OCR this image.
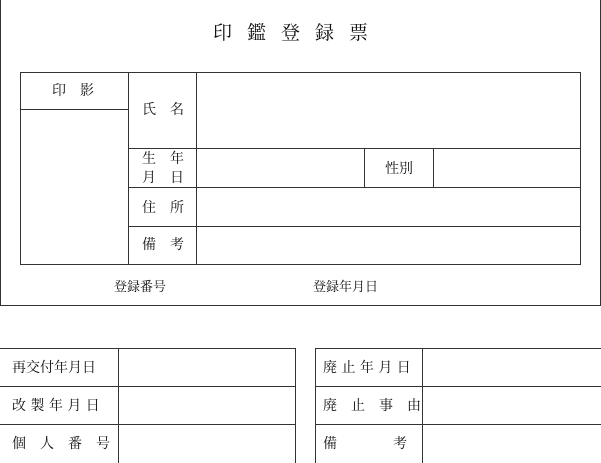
印鑑登録票
印　影
氏　名
生　年
月　日
性別
住　所
備　考
登録番号	登録年月日
再交付年月日
改 製 年 月 日
個　人　番　号
廃 止 年 月 日
廃　止　事　由
備　　　　考
